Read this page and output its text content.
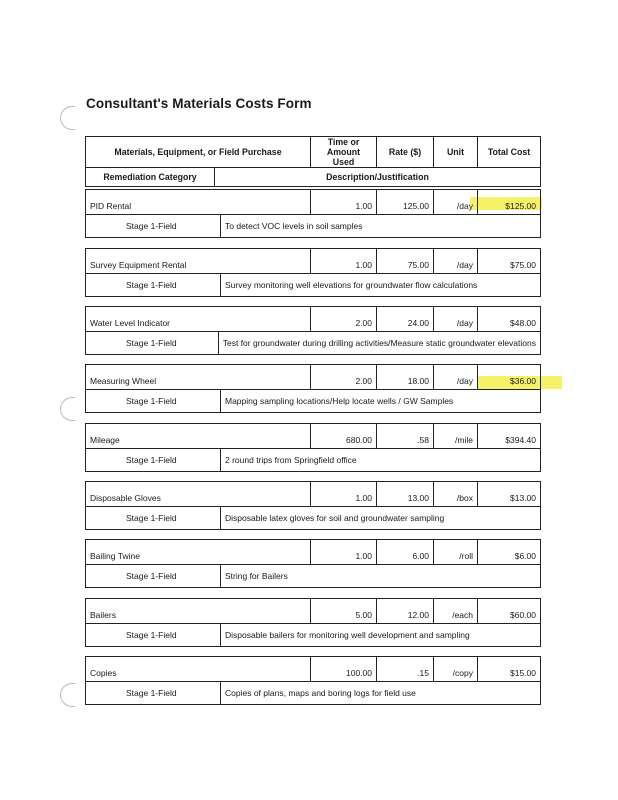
Consultant's Materials Costs Form
Materials, Equipment, or Field Purchase		Time or Amount Used	Rate ($)	Unit	Total Cost
Remediation Category	Description/Justification				
PID Rental		1.00	125.00	/day	$125.00
Stage 1-Field	To detect VOC levels in soil samples				
Survey Equipment Rental		1.00	75.00	/day	$75.00
Stage 1-Field	Survey monitoring well elevations for groundwater flow calculations				
Water Level Indicator		2.00	24.00	/day	$48.00
Stage 1-Field	Test for groundwater during drilling activities/Measure static groundwater elevations				
Measuring Wheel		2.00	18.00	/day	$36.00
Stage 1-Field	Mapping sampling locations/Help locate wells / GW Samples				
Mileage		680.00	.58	/mile	$394.40
Stage 1-Field	2 round trips from Springfield office				
Disposable Gloves		1.00	13.00	/box	$13.00
Stage 1-Field	Disposable latex gloves for soil and groundwater sampling				
Bailing Twine		1.00	6.00	/roll	$6.00
Stage 1-Field	String for Bailers				
Bailers		5.00	12.00	/each	$60.00
Stage 1-Field	Disposable bailers for monitoring well development and sampling				
Copies		100.00	.15	/copy	$15.00
Stage 1-Field	Copies of plans, maps and boring logs for field use				
